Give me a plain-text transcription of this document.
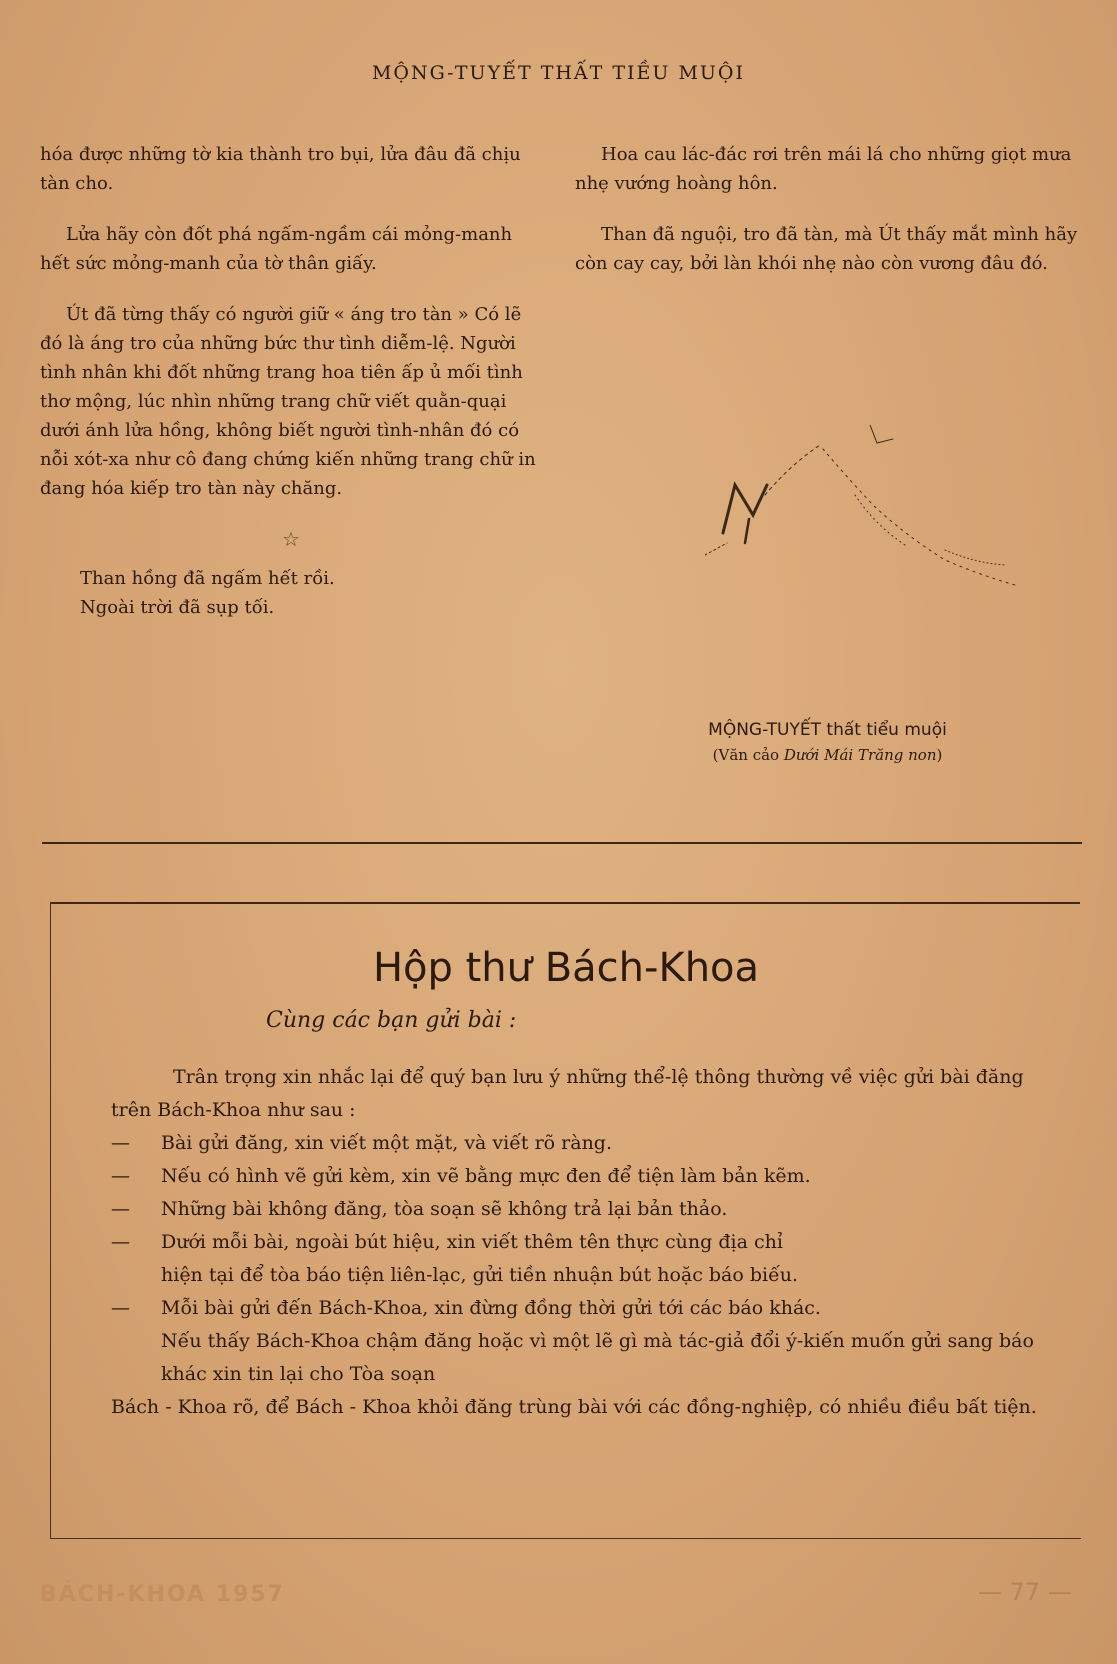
MỘNG-TUYẾT THẤT TIỀU MUỘI

hóa được những tờ kia thành tro bụi, lửa đâu đã chịu tàn cho.

Lửa hãy còn đốt phá ngấm-ngầm cái mỏng-manh hết sức mỏng-manh của tờ thân giấy.

Út đã từng thấy có người giữ « áng tro tàn » Có lẽ đó là áng tro của những bức thư tình diễm-lệ. Người tình nhân khi đốt những trang hoa tiên ấp ủ mối tình thơ mộng, lúc nhìn những trang chữ viết quằn-quại dưới ánh lửa hồng, không biết người tình-nhân đó có nỗi xót-xa như cô đang chứng kiến những trang chữ in đang hóa kiếp tro tàn này chăng.

☆
Than hồng đã ngấm hết rồi.
Ngoài trời đã sụp tối.

Hoa cau lác-đác rơi trên mái lá cho những giọt mưa nhẹ vướng hoàng hôn.

Than đã nguội, tro đã tàn, mà Út thấy mắt mình hãy còn cay cay, bởi làn khói nhẹ nào còn vương đâu đó.

MỘNG-TUYẾT thất tiểu muội
(Văn cảo Dưới Mái Trăng non)
Hộp thư Bách-Khoa
Cùng các bạn gửi bài :

Trân trọng xin nhắc lại để quý bạn lưu ý những thể-lệ thông thường về việc gửi bài đăng trên Bách-Khoa như sau :

—	Bài gửi đăng, xin viết một mặt, và viết rõ ràng.
—	Nếu có hình vẽ gửi kèm, xin vẽ bằng mực đen để tiện làm bản kẽm.
—	Những bài không đăng, tòa soạn sẽ không trả lại bản thảo.
—	Dưới mỗi bài, ngoài bút hiệu, xin viết thêm tên thực cùng địa chỉ
hiện tại để tòa báo tiện liên-lạc, gửi tiền nhuận bút hoặc báo biếu.
—	Mỗi bài gửi đến Bách-Khoa, xin đừng đồng thời gửi tới các báo khác.
Nếu thấy Bách-Khoa chậm đăng hoặc vì một lẽ gì mà tác-giả đổi ý-kiến muốn gửi sang báo khác xin tin lại cho Tòa soạn
Bách - Khoa rõ, để Bách - Khoa khỏi đăng trùng bài với các đồng-nghiệp, có nhiều điều bất tiện.
BÁCH-KHOA 1957	— 77 —
